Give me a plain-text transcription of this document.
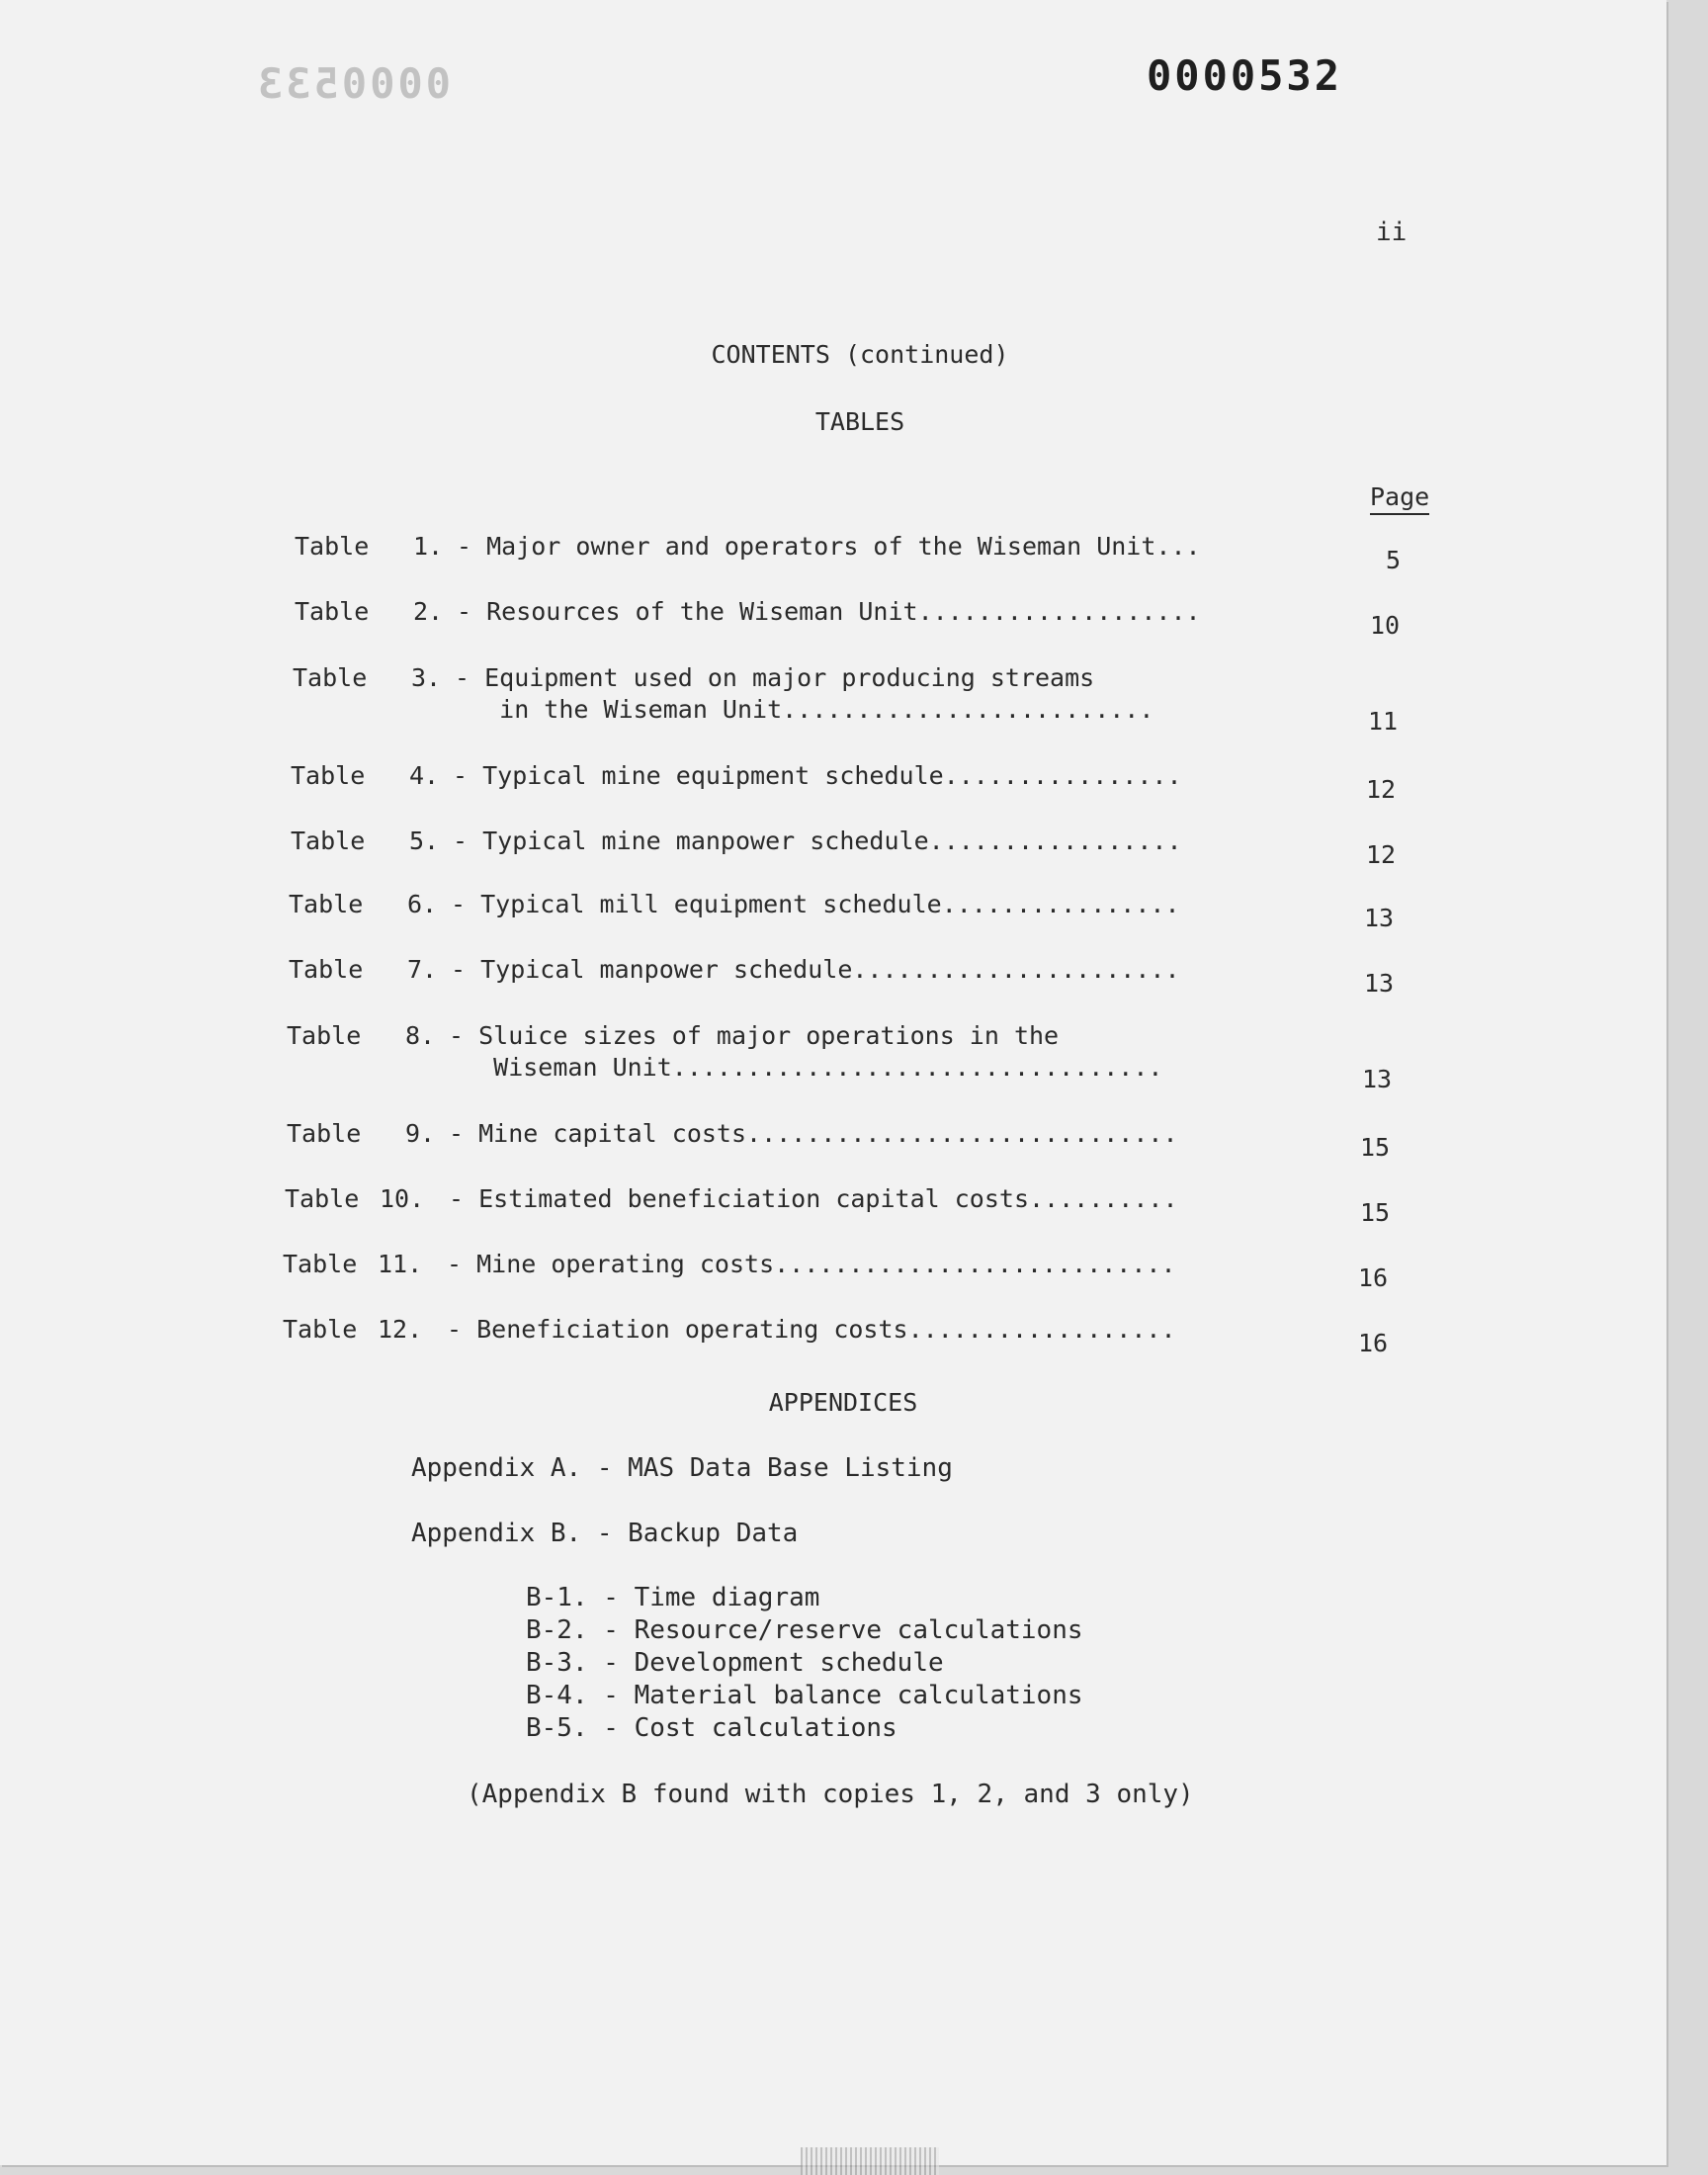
0000533	0000532
ii
CONTENTS (continued)
TABLES
Page
Table 1. - Major owner and operators of the Wiseman Unit...	5
Table 2. - Resources of the Wiseman Unit...................	10
Table 3. - Equipment used on major producing streams
in the Wiseman Unit.........................	11
Table 4. - Typical mine equipment schedule................	12
Table 5. - Typical mine manpower schedule.................	12
Table 6. - Typical mill equipment schedule................	13
Table 7. - Typical manpower schedule......................	13
Table 8. - Sluice sizes of major operations in the
Wiseman Unit.................................	13
Table 9. - Mine capital costs.............................	15
Table 10. - Estimated beneficiation capital costs..........	15
Table 11. - Mine operating costs...........................	16
Table 12. - Beneficiation operating costs..................	16
APPENDICES
Appendix A. - MAS Data Base Listing
Appendix B. - Backup Data
B-1. - Time diagram
B-2. - Resource/reserve calculations
B-3. - Development schedule
B-4. - Material balance calculations
B-5. - Cost calculations
(Appendix B found with copies 1, 2, and 3 only)
